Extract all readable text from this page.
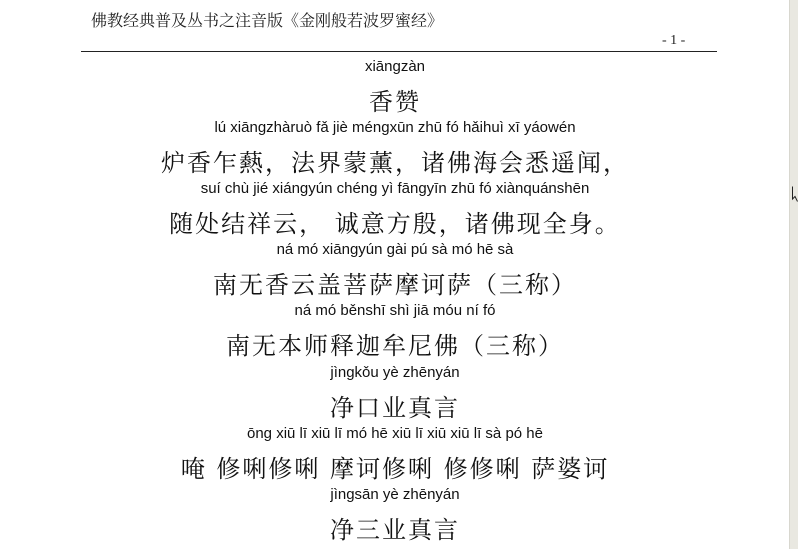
佛教经典普及丛书之注音版《金刚般若波罗蜜经》
- 1 -
xiāngzàn
香赞
lú xiāngzhàruò fǎ jiè méngxūn zhū fó hǎihuì xī yáowén
炉香乍爇，法界蒙薰，诸佛海会悉遥闻，
suí chù jié xiángyún chéng yì fāngyīn zhū fó xiànquánshēn
随处结祥云， 诚意方殷，诸佛现全身。
ná mó xiāngyún gài pú sà mó hē sà
南无香云盖菩萨摩诃萨（三称）
ná mó běnshī shì jiā móu ní fó
南无本师释迦牟尼佛（三称）
jìngkǒu yè zhēnyán
净口业真言
ōng xiū lī xiū lī mó hē xiū lī xiū xiū lī sà pó hē
唵 修唎修唎 摩诃修唎 修修唎 萨婆诃
jìngsān yè zhēnyán
净三业真言
